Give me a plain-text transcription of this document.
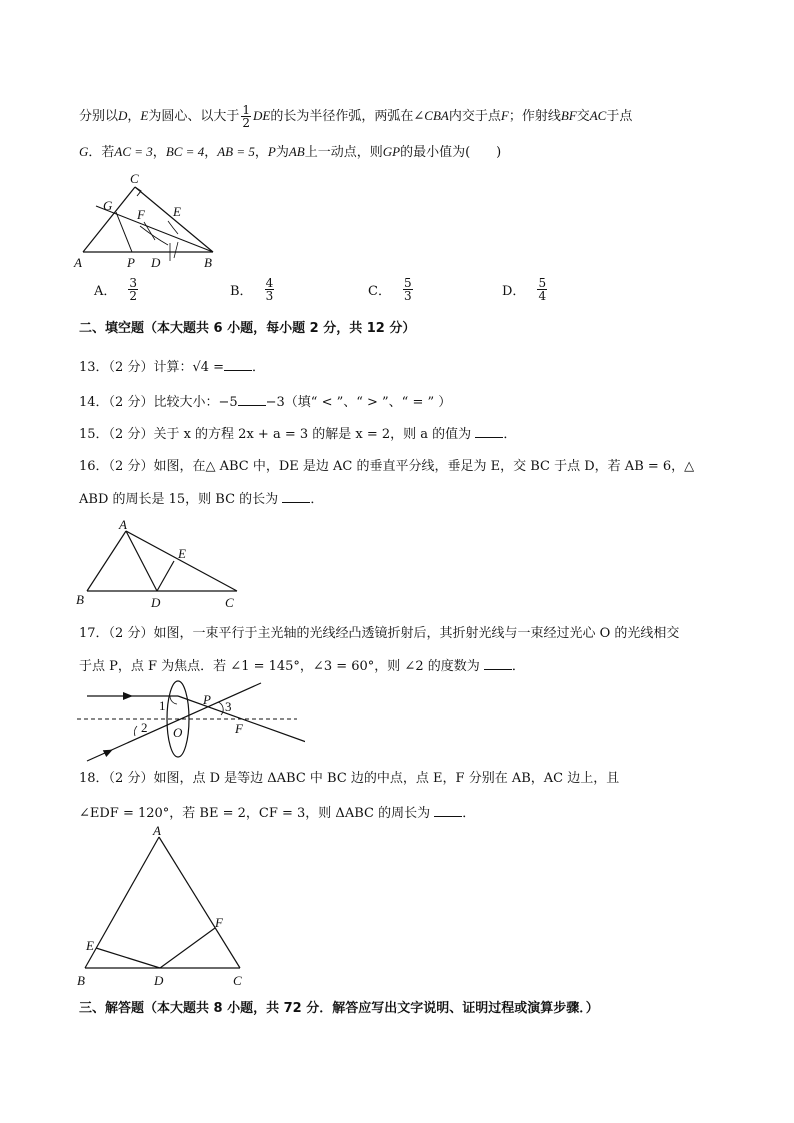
分别以D，E为圆心、以大于 $\frac{1}{2}$ DE的长为半径作弧，两弧在∠CBA内交于点F；作射线BF交AC于点
G．若AC = 3，BC = 4，AB = 5，P为AB上一动点，则GP的最小值为(　　)
C
G
F E
A	P D	B
A． $\frac{3}{2}$	B． $\frac{4}{3}$	C． $\frac{5}{3}$	D． $\frac{5}{4}$
二、填空题（本大题共 6 小题，每小题 2 分，共 12 分）
13．（2 分）计算：√4 = ．
14．（2 分）比较大小：−5 −3（填“ < ”、“ > ”、“ = ” ）
15．（2 分）关于 x 的方程 2x + a = 3 的解是 x = 2，则 a 的值为 ．
16．（2 分）如图，在△ ABC 中，DE 是边 AC 的垂直平分线，垂足为 E，交 BC 于点 D，若 AB = 6，△
ABD 的周长是 15，则 BC 的长为 ．
A
E
B	D	C
17．（2 分）如图，一束平行于主光轴的光线经凸透镜折射后，其折射光线与一束经过光心 O 的光线相交
于点 P，点 F 为焦点．若 ∠1 = 145°，∠3 = 60°，则 ∠2 的度数为 ．
1
2
3
P
O	F
18．（2 分）如图，点 D 是等边 ΔABC 中 BC 边的中点，点 E，F 分别在 AB，AC 边上，且
∠EDF = 120°，若 BE = 2，CF = 3，则 ΔABC 的周长为 ．
A
F
E
B	D	C
三、解答题（本大题共 8 小题，共 72 分．解答应写出文字说明、证明过程或演算步骤．）
